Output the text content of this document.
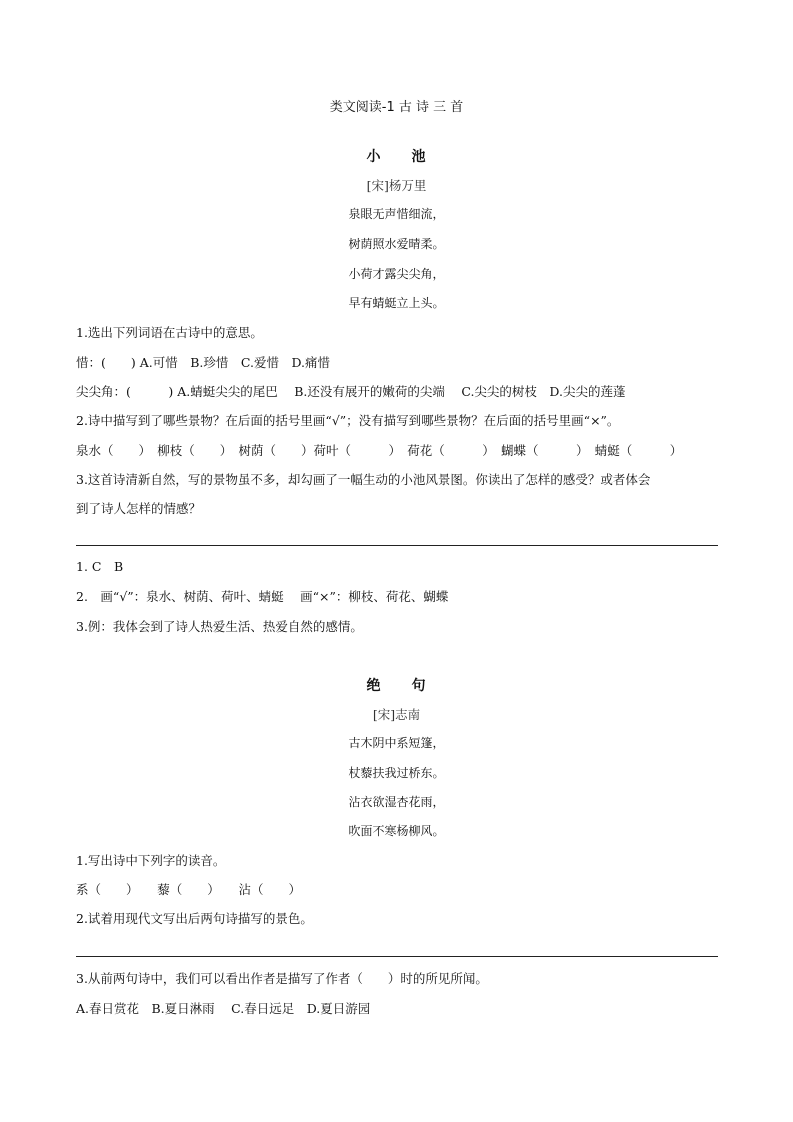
类文阅读-1 古 诗 三 首
小　　池
[宋]杨万里
泉眼无声惜细流，
树荫照水爱晴柔。
小荷才露尖尖角，
早有蜻蜓立上头。
1.选出下列词语在古诗中的意思。
惜：(　　) A.可惜　B.珍惜　C.爱惜　D.痛惜
尖尖角：(　　　) A.蜻蜓尖尖的尾巴　 B.还没有展开的嫩荷的尖端　 C.尖尖的树枝　D.尖尖的莲蓬
2.诗中描写到了哪些景物？在后面的括号里画“√”；没有描写到哪些景物？在后面的括号里画“×”。
泉水（　　）　柳枝（　　）　树荫（　　）荷叶（　　　）　荷花（　　　）　蝴蝶（　　　）　蜻蜓（　　　）
3.这首诗清新自然，写的景物虽不多，却勾画了一幅生动的小池风景图。你读出了怎样的感受？或者体会
到了诗人怎样的情感？
1. C　B
2.　画“√”：泉水、树荫、荷叶、蜻蜓　 画“×”：柳枝、荷花、蝴蝶
3.例：我体会到了诗人热爱生活、热爱自然的感情。
绝　　句
[宋]志南
古木阴中系短篷，
杖藜扶我过桥东。
沾衣欲湿杏花雨，
吹面不寒杨柳风。
1.写出诗中下列字的读音。
系（　　）　　藜（　　）　　沾（　　）
2.试着用现代文写出后两句诗描写的景色。
3.从前两句诗中，我们可以看出作者是描写了作者（　　）时的所见所闻。
A.春日赏花　B.夏日淋雨　 C.春日远足　D.夏日游园
